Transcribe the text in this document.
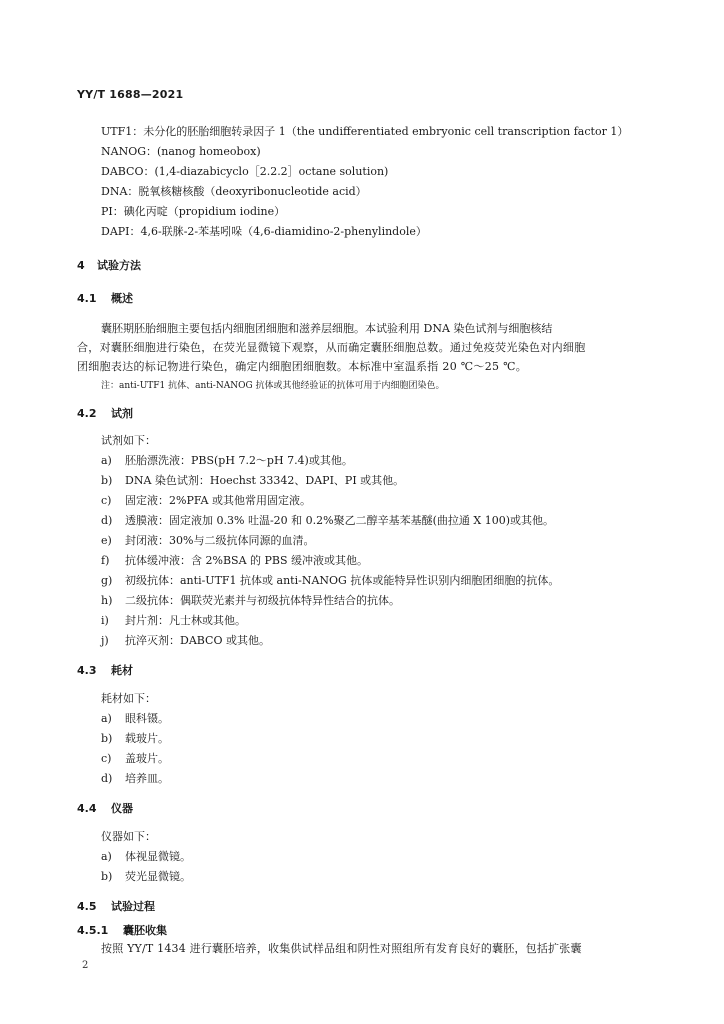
YY/T 1688—2021
UTF1：未分化的胚胎细胞转录因子 1（the undifferentiated embryonic cell transcription factor 1）
NANOG：(nanog homeobox)
DABCO：(1,4-diazabicyclo［2.2.2］octane solution)
DNA：脱氧核糖核酸（deoxyribonucleotide acid）
PI：碘化丙啶（propidium iodine）
DAPI：4,6-联脒-2-苯基吲哚（4,6-diamidino-2-phenylindole）
4 试验方法
4.1 概述
囊胚期胚胎细胞主要包括内细胞团细胞和滋养层细胞。本试验利用 DNA 染色试剂与细胞核结
合，对囊胚细胞进行染色，在荧光显微镜下观察，从而确定囊胚细胞总数。通过免疫荧光染色对内细胞
团细胞表达的标记物进行染色，确定内细胞团细胞数。本标准中室温系指 20 ℃～25 ℃。
注：anti-UTF1 抗体、anti-NANOG 抗体或其他经验证的抗体可用于内细胞团染色。
4.2 试剂
试剂如下：
a) 胚胎漂洗液：PBS(pH 7.2～pH 7.4)或其他。
b) DNA 染色试剂：Hoechst 33342、DAPI、PI 或其他。
c) 固定液：2%PFA 或其他常用固定液。
d) 透膜液：固定液加 0.3% 吐温-20 和 0.2%聚乙二醇辛基苯基醚(曲拉通 X 100)或其他。
e) 封闭液：30%与二级抗体同源的血清。
f) 抗体缓冲液：含 2%BSA 的 PBS 缓冲液或其他。
g) 初级抗体：anti-UTF1 抗体或 anti-NANOG 抗体或能特异性识别内细胞团细胞的抗体。
h) 二级抗体：偶联荧光素并与初级抗体特异性结合的抗体。
i) 封片剂：凡士林或其他。
j) 抗淬灭剂：DABCO 或其他。
4.3 耗材
耗材如下：
a) 眼科镊。
b) 载玻片。
c) 盖玻片。
d) 培养皿。
4.4 仪器
仪器如下：
a) 体视显微镜。
b) 荧光显微镜。
4.5 试验过程
4.5.1 囊胚收集
按照 YY/T 1434 进行囊胚培养，收集供试样品组和阴性对照组所有发育良好的囊胚，包括扩张囊
2
